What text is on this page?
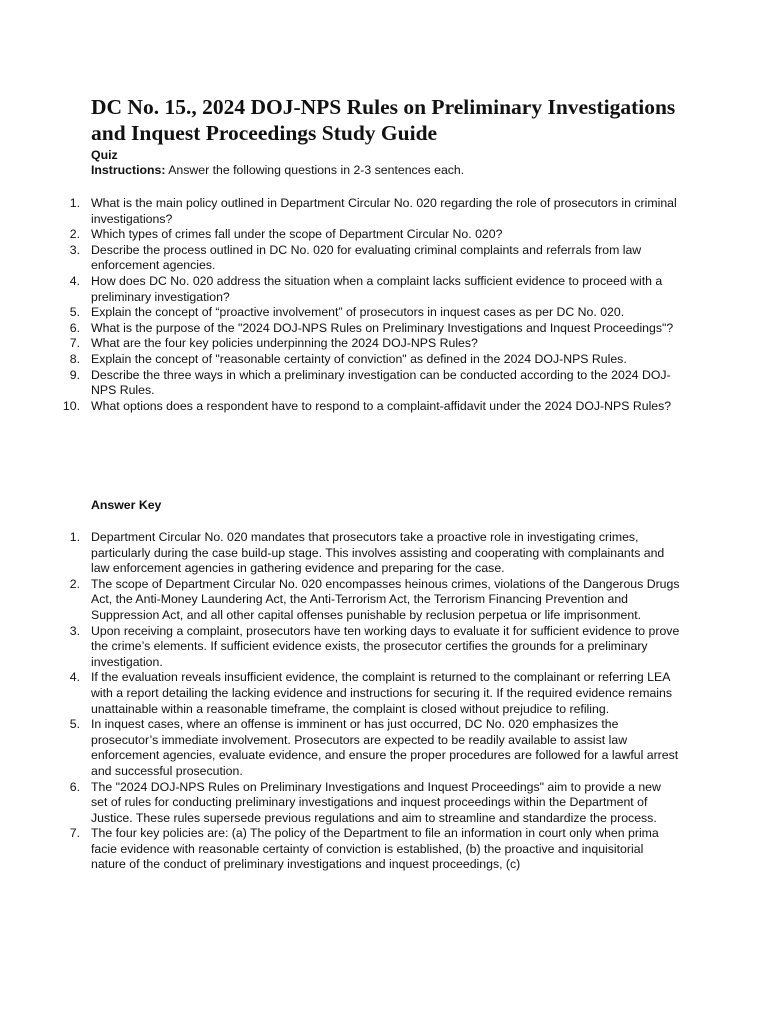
DC No. 15., 2024 DOJ-NPS Rules on Preliminary Investigations and Inquest Proceedings Study Guide
Quiz
Instructions: Answer the following questions in 2-3 sentences each.
1. What is the main policy outlined in Department Circular No. 020 regarding the role of prosecutors in criminal investigations?
2. Which types of crimes fall under the scope of Department Circular No. 020?
3. Describe the process outlined in DC No. 020 for evaluating criminal complaints and referrals from law enforcement agencies.
4. How does DC No. 020 address the situation when a complaint lacks sufficient evidence to proceed with a preliminary investigation?
5. Explain the concept of “proactive involvement” of prosecutors in inquest cases as per DC No. 020.
6. What is the purpose of the "2024 DOJ-NPS Rules on Preliminary Investigations and Inquest Proceedings"?
7. What are the four key policies underpinning the 2024 DOJ-NPS Rules?
8. Explain the concept of "reasonable certainty of conviction" as defined in the 2024 DOJ-NPS Rules.
9. Describe the three ways in which a preliminary investigation can be conducted according to the 2024 DOJ-NPS Rules.
10. What options does a respondent have to respond to a complaint-affidavit under the 2024 DOJ-NPS Rules?
Answer Key
1. Department Circular No. 020 mandates that prosecutors take a proactive role in investigating crimes, particularly during the case build-up stage. This involves assisting and cooperating with complainants and law enforcement agencies in gathering evidence and preparing for the case.
2. The scope of Department Circular No. 020 encompasses heinous crimes, violations of the Dangerous Drugs Act, the Anti-Money Laundering Act, the Anti-Terrorism Act, the Terrorism Financing Prevention and Suppression Act, and all other capital offenses punishable by reclusion perpetua or life imprisonment.
3. Upon receiving a complaint, prosecutors have ten working days to evaluate it for sufficient evidence to prove the crime’s elements. If sufficient evidence exists, the prosecutor certifies the grounds for a preliminary investigation.
4. If the evaluation reveals insufficient evidence, the complaint is returned to the complainant or referring LEA with a report detailing the lacking evidence and instructions for securing it. If the required evidence remains unattainable within a reasonable timeframe, the complaint is closed without prejudice to refiling.
5. In inquest cases, where an offense is imminent or has just occurred, DC No. 020 emphasizes the prosecutor’s immediate involvement. Prosecutors are expected to be readily available to assist law enforcement agencies, evaluate evidence, and ensure the proper procedures are followed for a lawful arrest and successful prosecution.
6. The "2024 DOJ-NPS Rules on Preliminary Investigations and Inquest Proceedings" aim to provide a new set of rules for conducting preliminary investigations and inquest proceedings within the Department of Justice. These rules supersede previous regulations and aim to streamline and standardize the process.
7. The four key policies are: (a) The policy of the Department to file an information in court only when prima facie evidence with reasonable certainty of conviction is established, (b) the proactive and inquisitorial nature of the conduct of preliminary investigations and inquest proceedings, (c)
